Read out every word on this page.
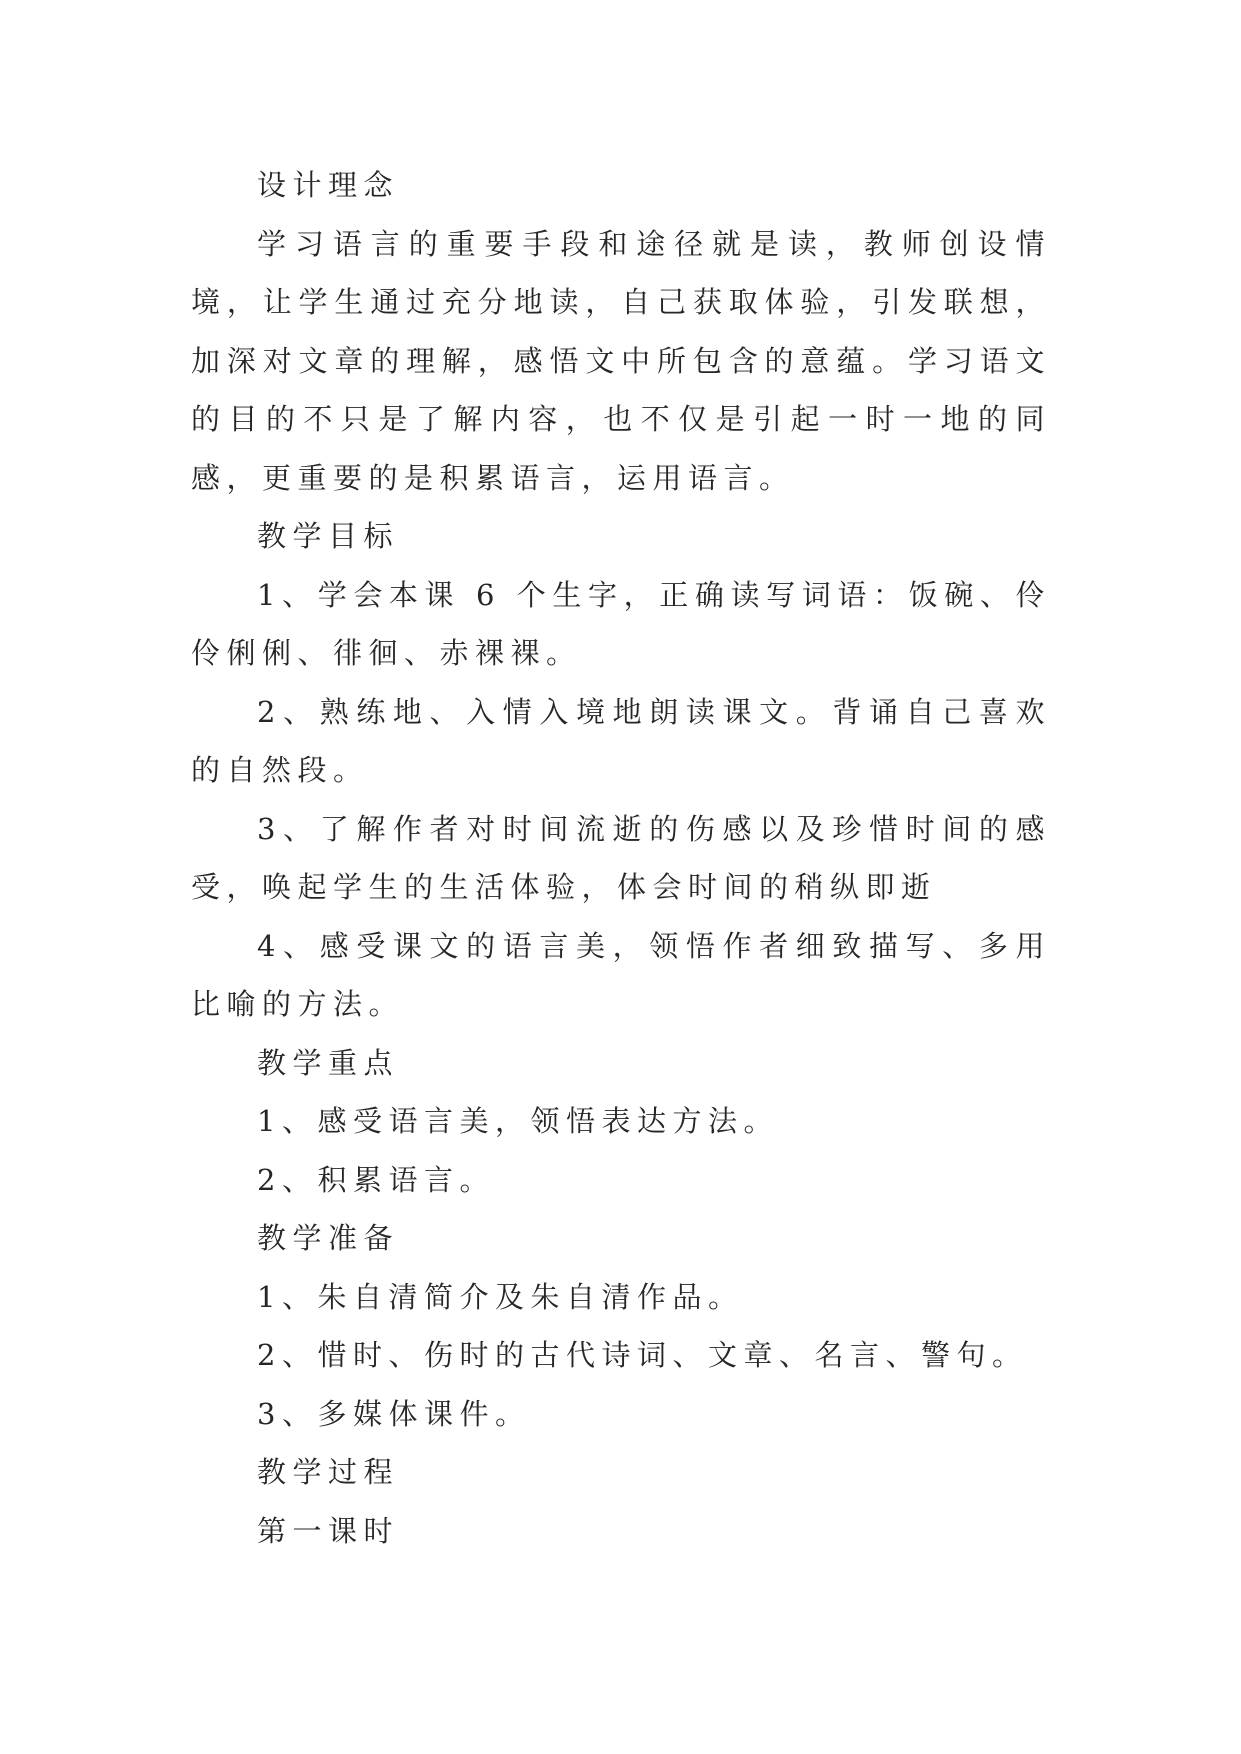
设计理念

学习语言的重要手段和途径就是读，教师创设情境，让学生通过充分地读，自己获取体验，引发联想，加深对文章的理解，感悟文中所包含的意蕴。学习语文的目的不只是了解内容，也不仅是引起一时一地的同感，更重要的是积累语言，运用语言。

教学目标

1、学会本课 6 个生字，正确读写词语：饭碗、伶伶俐俐、徘徊、赤裸裸。

2、熟练地、入情入境地朗读课文。背诵自己喜欢的自然段。

3、了解作者对时间流逝的伤感以及珍惜时间的感受，唤起学生的生活体验，体会时间的稍纵即逝

4、感受课文的语言美，领悟作者细致描写、多用比喻的方法。

教学重点

1、感受语言美，领悟表达方法。

2、积累语言。

教学准备

1、朱自清简介及朱自清作品。

2、惜时、伤时的古代诗词、文章、名言、警句。

3、多媒体课件。

教学过程

第一课时
